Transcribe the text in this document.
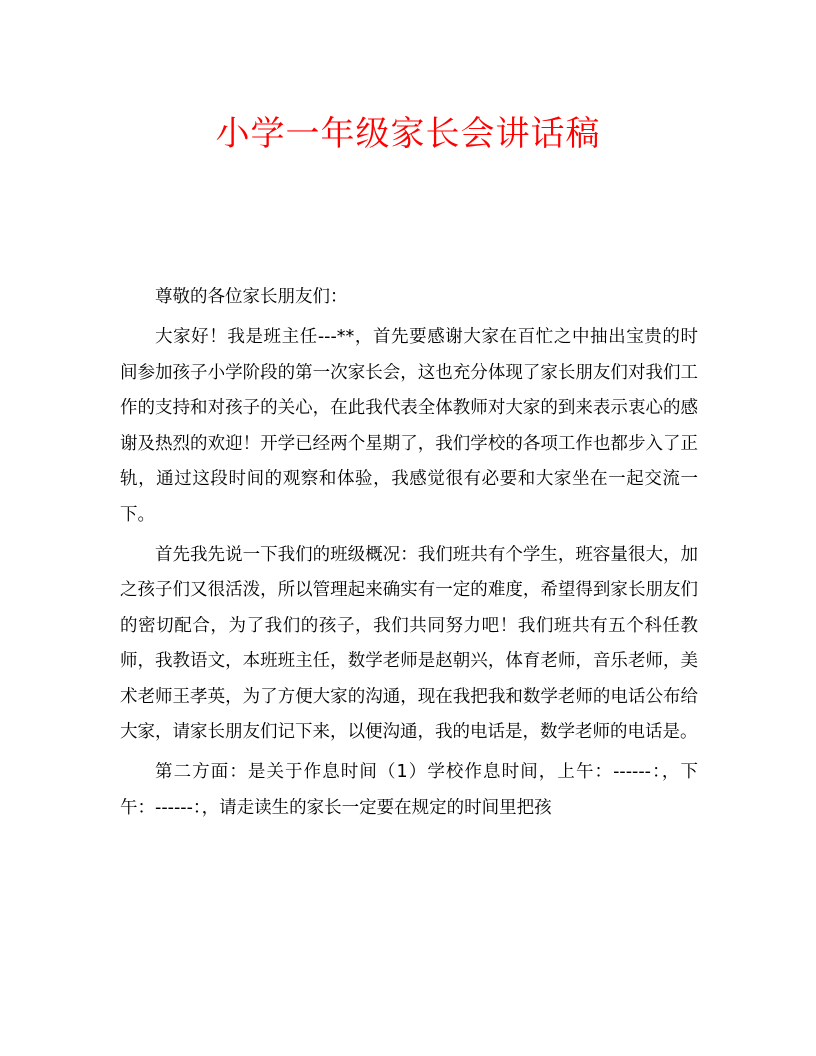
小学一年级家长会讲话稿

尊敬的各位家长朋友们：

大家好！我是班主任---**，首先要感谢大家在百忙之中抽出宝贵的时间参加孩子小学阶段的第一次家长会，这也充分体现了家长朋友们对我们工作的支持和对孩子的关心，在此我代表全体教师对大家的到来表示衷心的感谢及热烈的欢迎！开学已经两个星期了，我们学校的各项工作也都步入了正轨，通过这段时间的观察和体验，我感觉很有必要和大家坐在一起交流一下。

首先我先说一下我们的班级概况：我们班共有个学生，班容量很大，加之孩子们又很活泼，所以管理起来确实有一定的难度，希望得到家长朋友们的密切配合，为了我们的孩子，我们共同努力吧！我们班共有五个科任教师，我教语文，本班班主任，数学老师是赵朝兴，体育老师，音乐老师，美术老师王孝英，为了方便大家的沟通，现在我把我和数学老师的电话公布给大家，请家长朋友们记下来，以便沟通，我的电话是，数学老师的电话是。

第二方面：是关于作息时间（1）学校作息时间，上午：------：，下午：------：，请走读生的家长一定要在规定的时间里把孩
